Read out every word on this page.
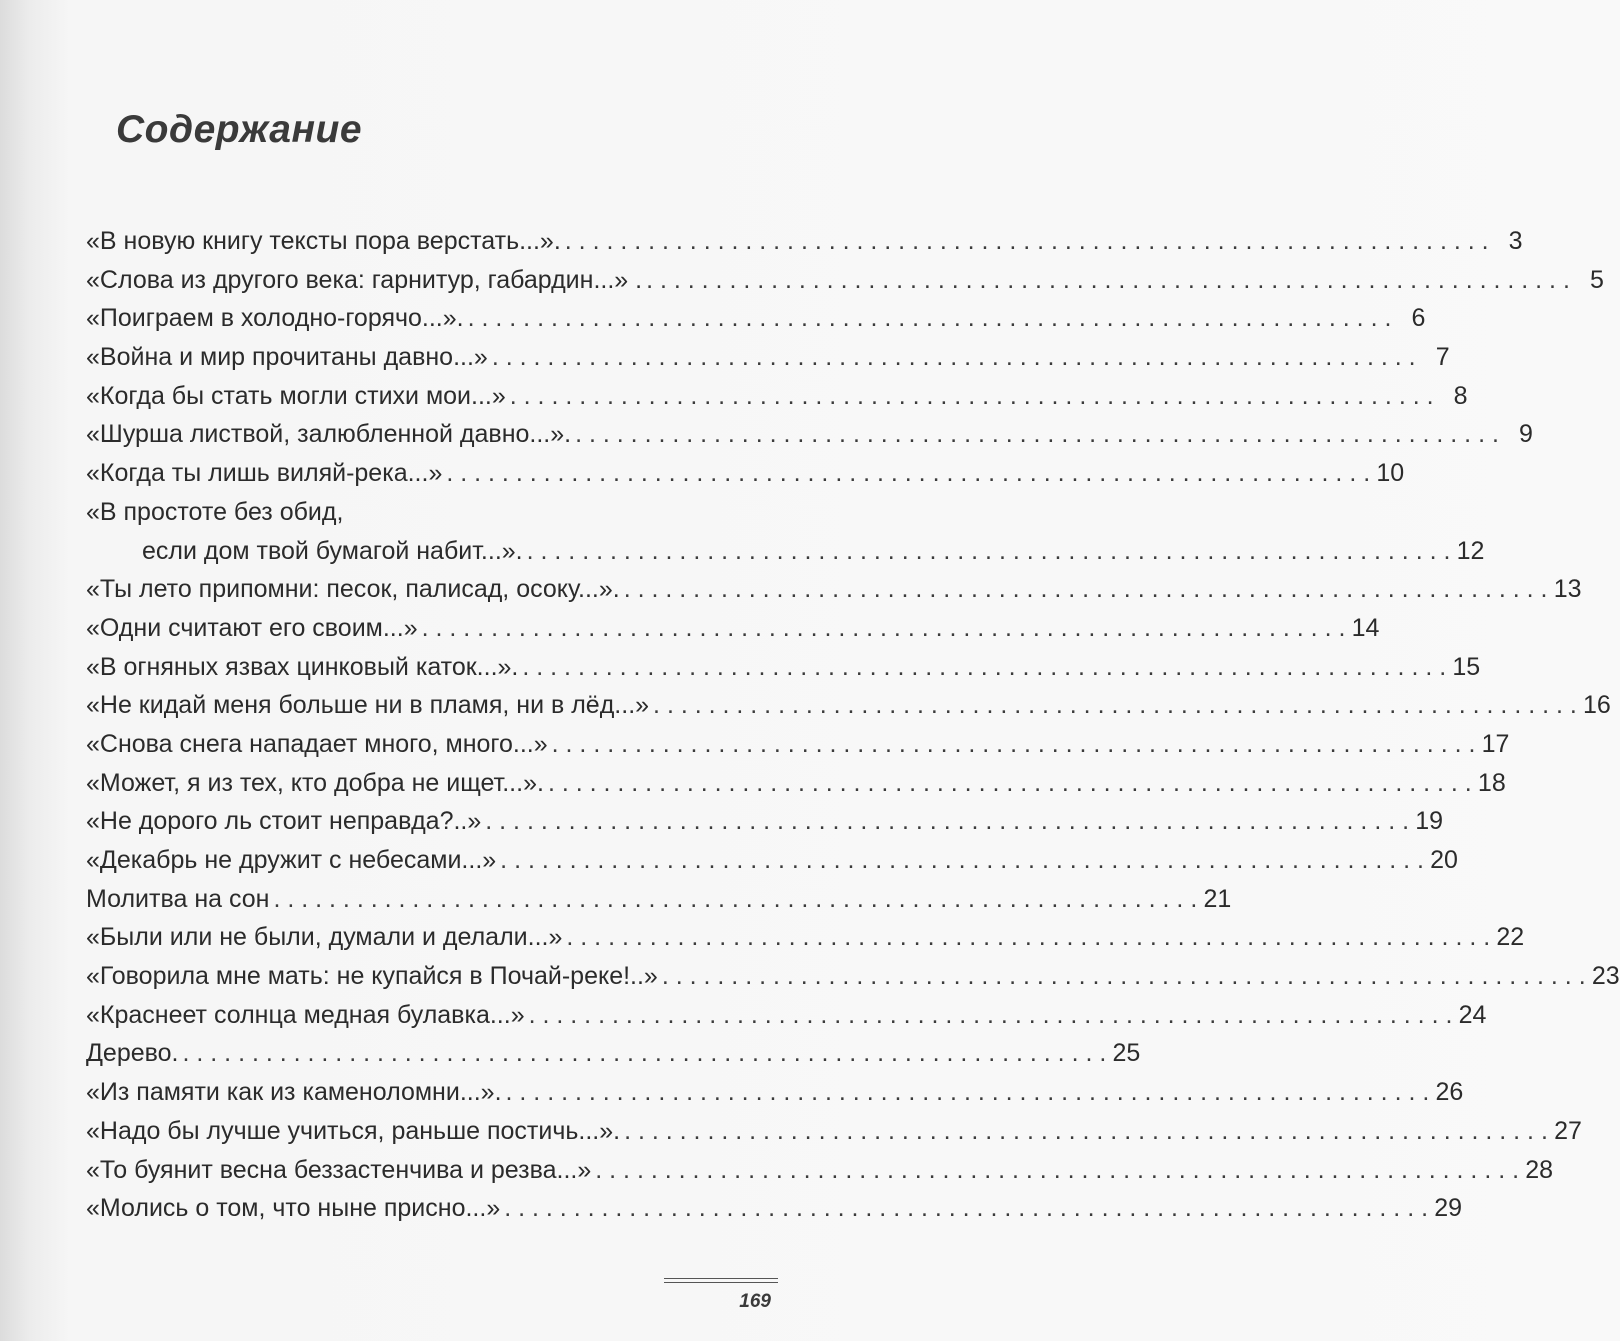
Содержание
«В новую книгу тексты пора верстать...». . . .	3
«Слова из другого века: гарнитур, габардин...» . . . .	5
«Поиграем в холодно-горячо...». . . .	6
«Война и мир прочитаны давно...» . . .	7
«Когда бы стать могли стихи мои...» . . .	8
«Шурша листвой, залюбленной давно...». . . .	9
«Когда ты лишь виляй-река...» . . .	10
«В простоте без обид,
если дом твой бумагой набит...». . . .	12
«Ты лето припомни: песок, палисад, осоку...». . . .	13
«Одни считают его своим...» . . .	14
«В огняных язвах цинковый каток...». . . .	15
«Не кидай меня больше ни в пламя, ни в лёд...» . . .	16
«Снова снега нападает много, много...» . . .	17
«Может, я из тех, кто добра не ищет...». . . .	18
«Не дорого ль стоит неправда?..» . . .	19
«Декабрь не дружит с небесами...» . . .	20
Молитва на сон . . .	21
«Были или не были, думали и делали...» . . .	22
«Говорила мне мать: не купайся в Почай-реке!..» . . .	23
«Краснеет солнца медная булавка...» . . .	24
Дерево. . . .	25
«Из памяти как из каменоломни...». . . .	26
«Надо бы лучше учиться, раньше постичь...». . . .	27
«То буянит весна беззастенчива и резва...» . . .	28
«Молись о том, что ныне присно...» . . .	29
169
